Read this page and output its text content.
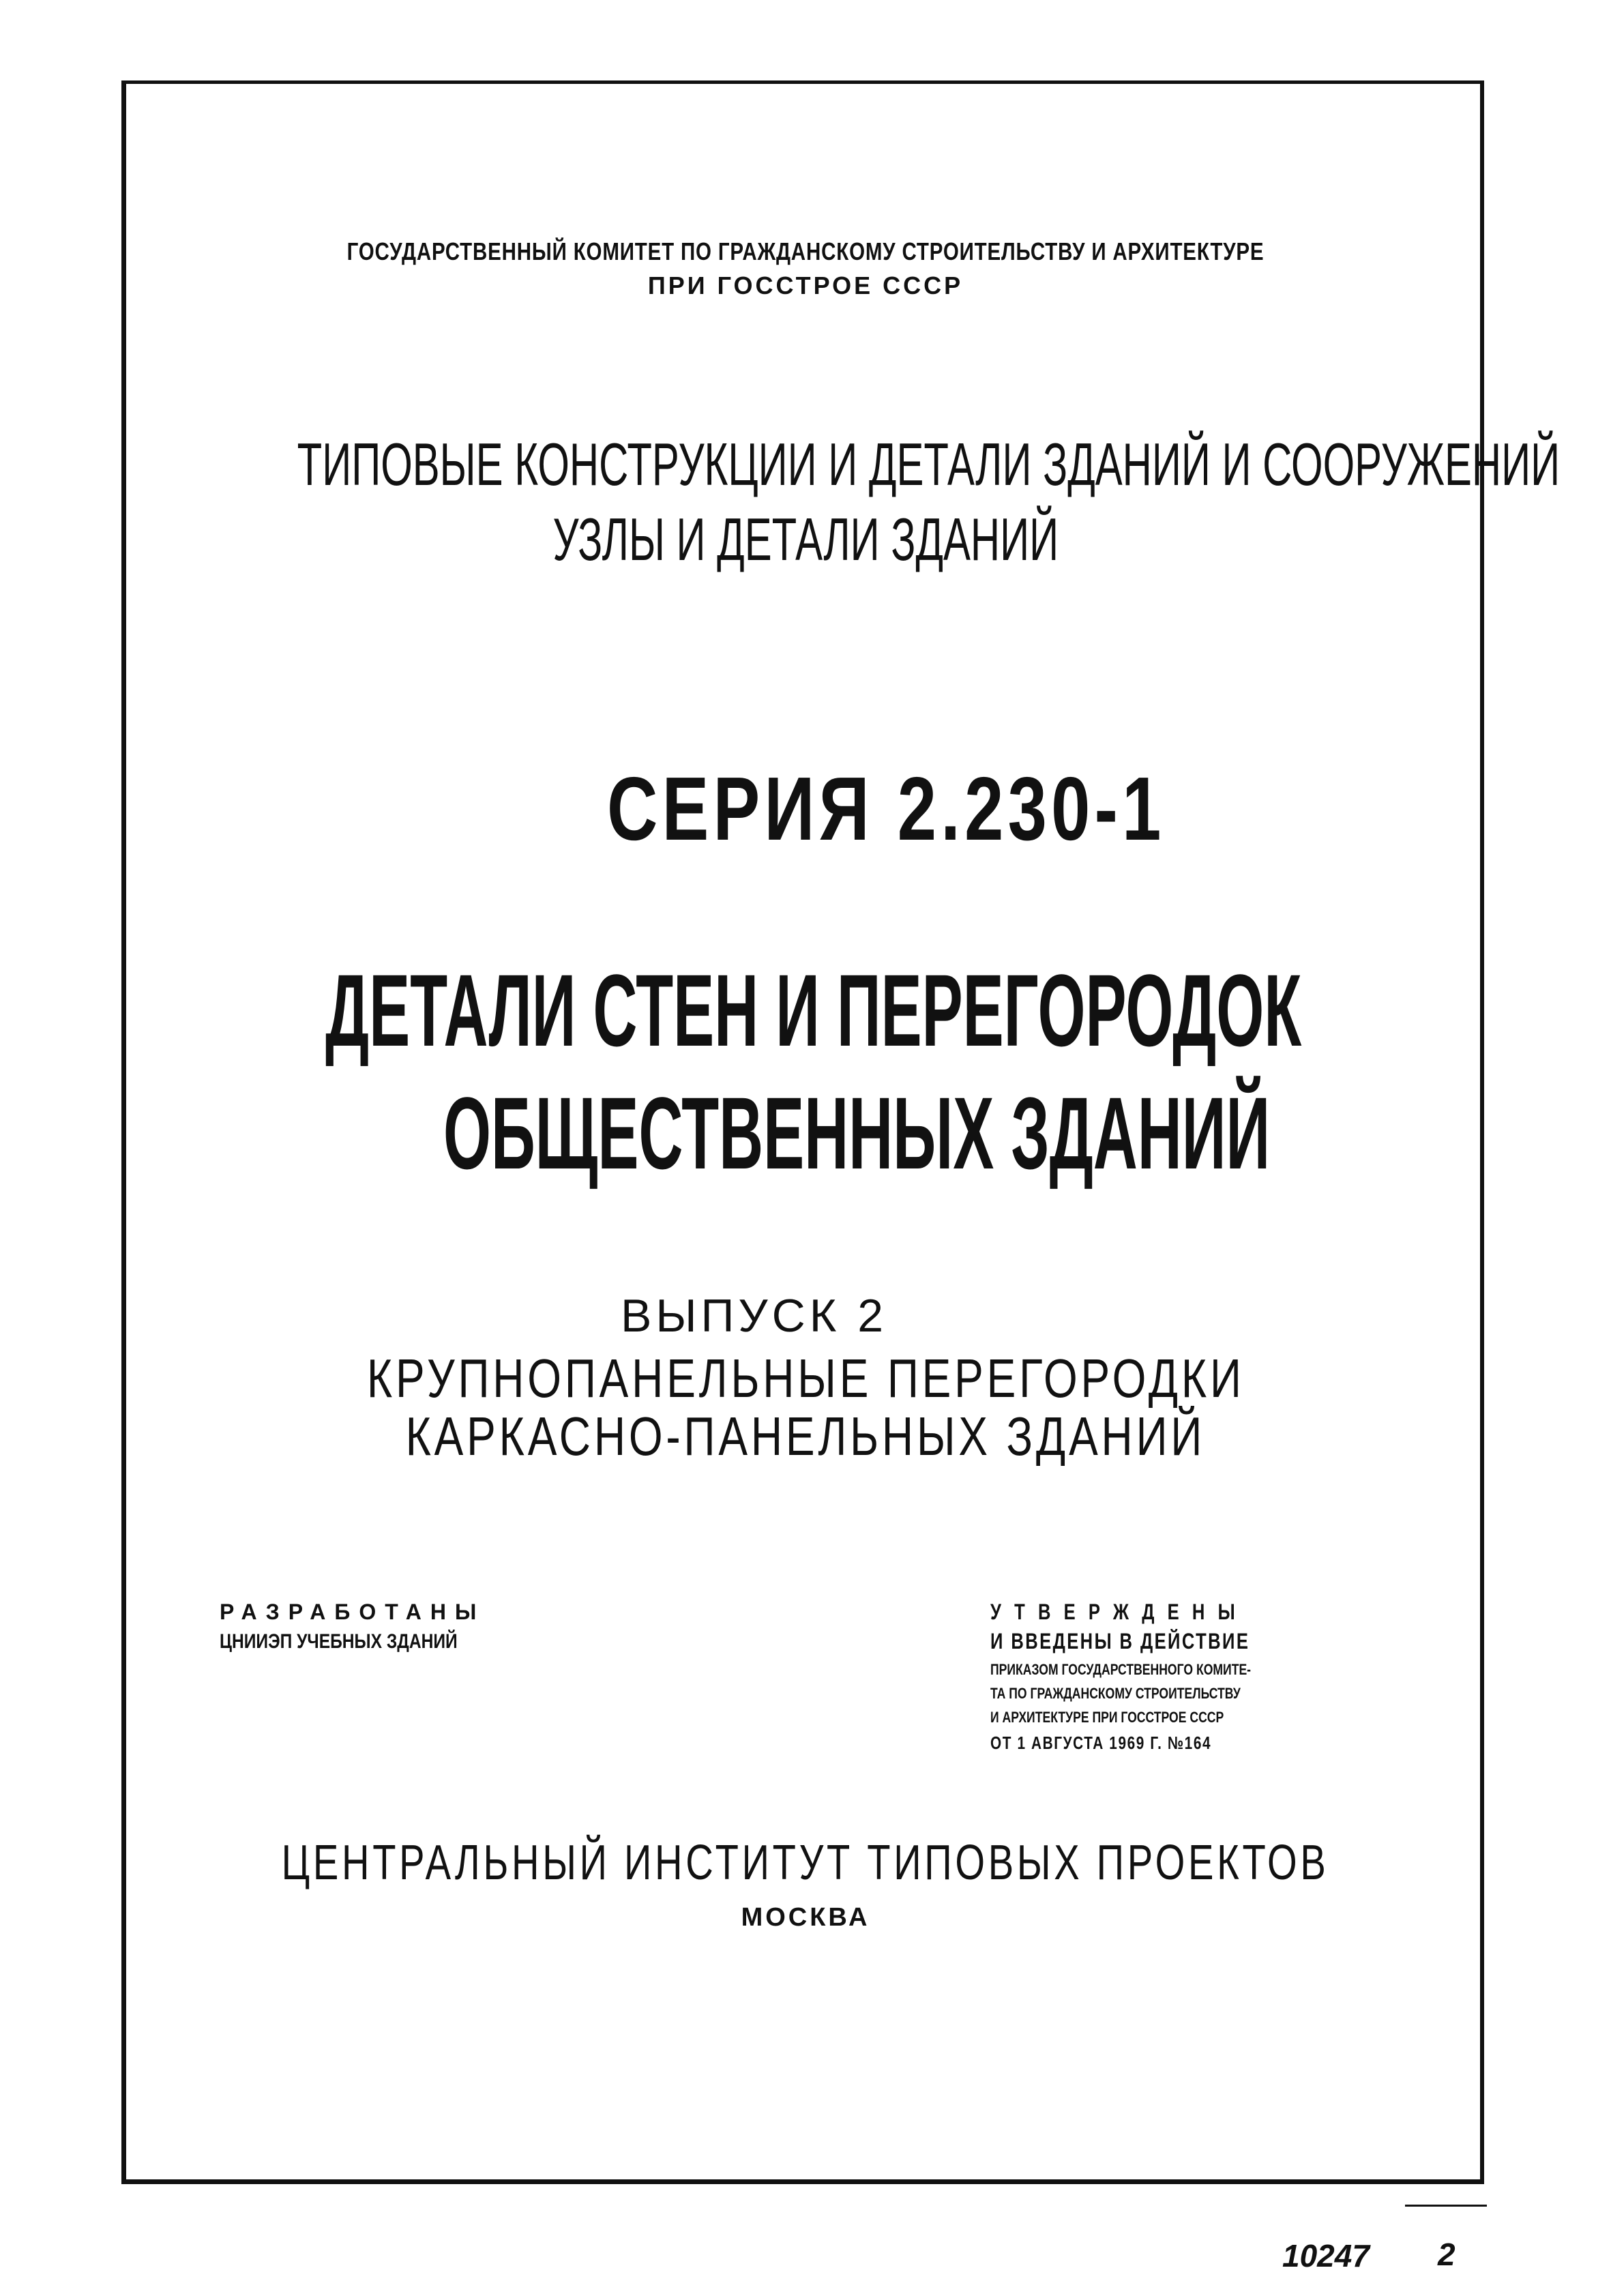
ГОСУДАРСТВЕННЫЙ КОМИТЕТ ПО ГРАЖДАНСКОМУ СТРОИТЕЛЬСТВУ И АРХИТЕКТУРЕ
ПРИ ГОССТРОЕ СССР
ТИПОВЫЕ КОНСТРУКЦИИ И ДЕТАЛИ ЗДАНИЙ И СООРУЖЕНИЙ
УЗЛЫ И ДЕТАЛИ ЗДАНИЙ
СЕРИЯ 2.230-1
ДЕТАЛИ СТЕН И ПЕРЕГОРОДОК
ОБЩЕСТВЕННЫХ ЗДАНИЙ
ВЫПУСК 2
КРУПНОПАНЕЛЬНЫЕ ПЕРЕГОРОДКИ
КАРКАСНО-ПАНЕЛЬНЫХ ЗДАНИЙ
РАЗРАБОТАНЫ
ЦНИИЭП УЧЕБНЫХ ЗДАНИЙ
УТВЕРЖДЕНЫ
И ВВЕДЕНЫ В ДЕЙСТВИЕ
ПРИКАЗОМ ГОСУДАРСТВЕННОГО КОМИТЕ-
ТА ПО ГРАЖДАНСКОМУ СТРОИТЕЛЬСТВУ
И АРХИТЕКТУРЕ ПРИ ГОССТРОЕ СССР
ОТ 1 АВГУСТА 1969 Г. №164
ЦЕНТРАЛЬНЫЙ ИНСТИТУТ ТИПОВЫХ ПРОЕКТОВ
МОСКВА
10247 2
